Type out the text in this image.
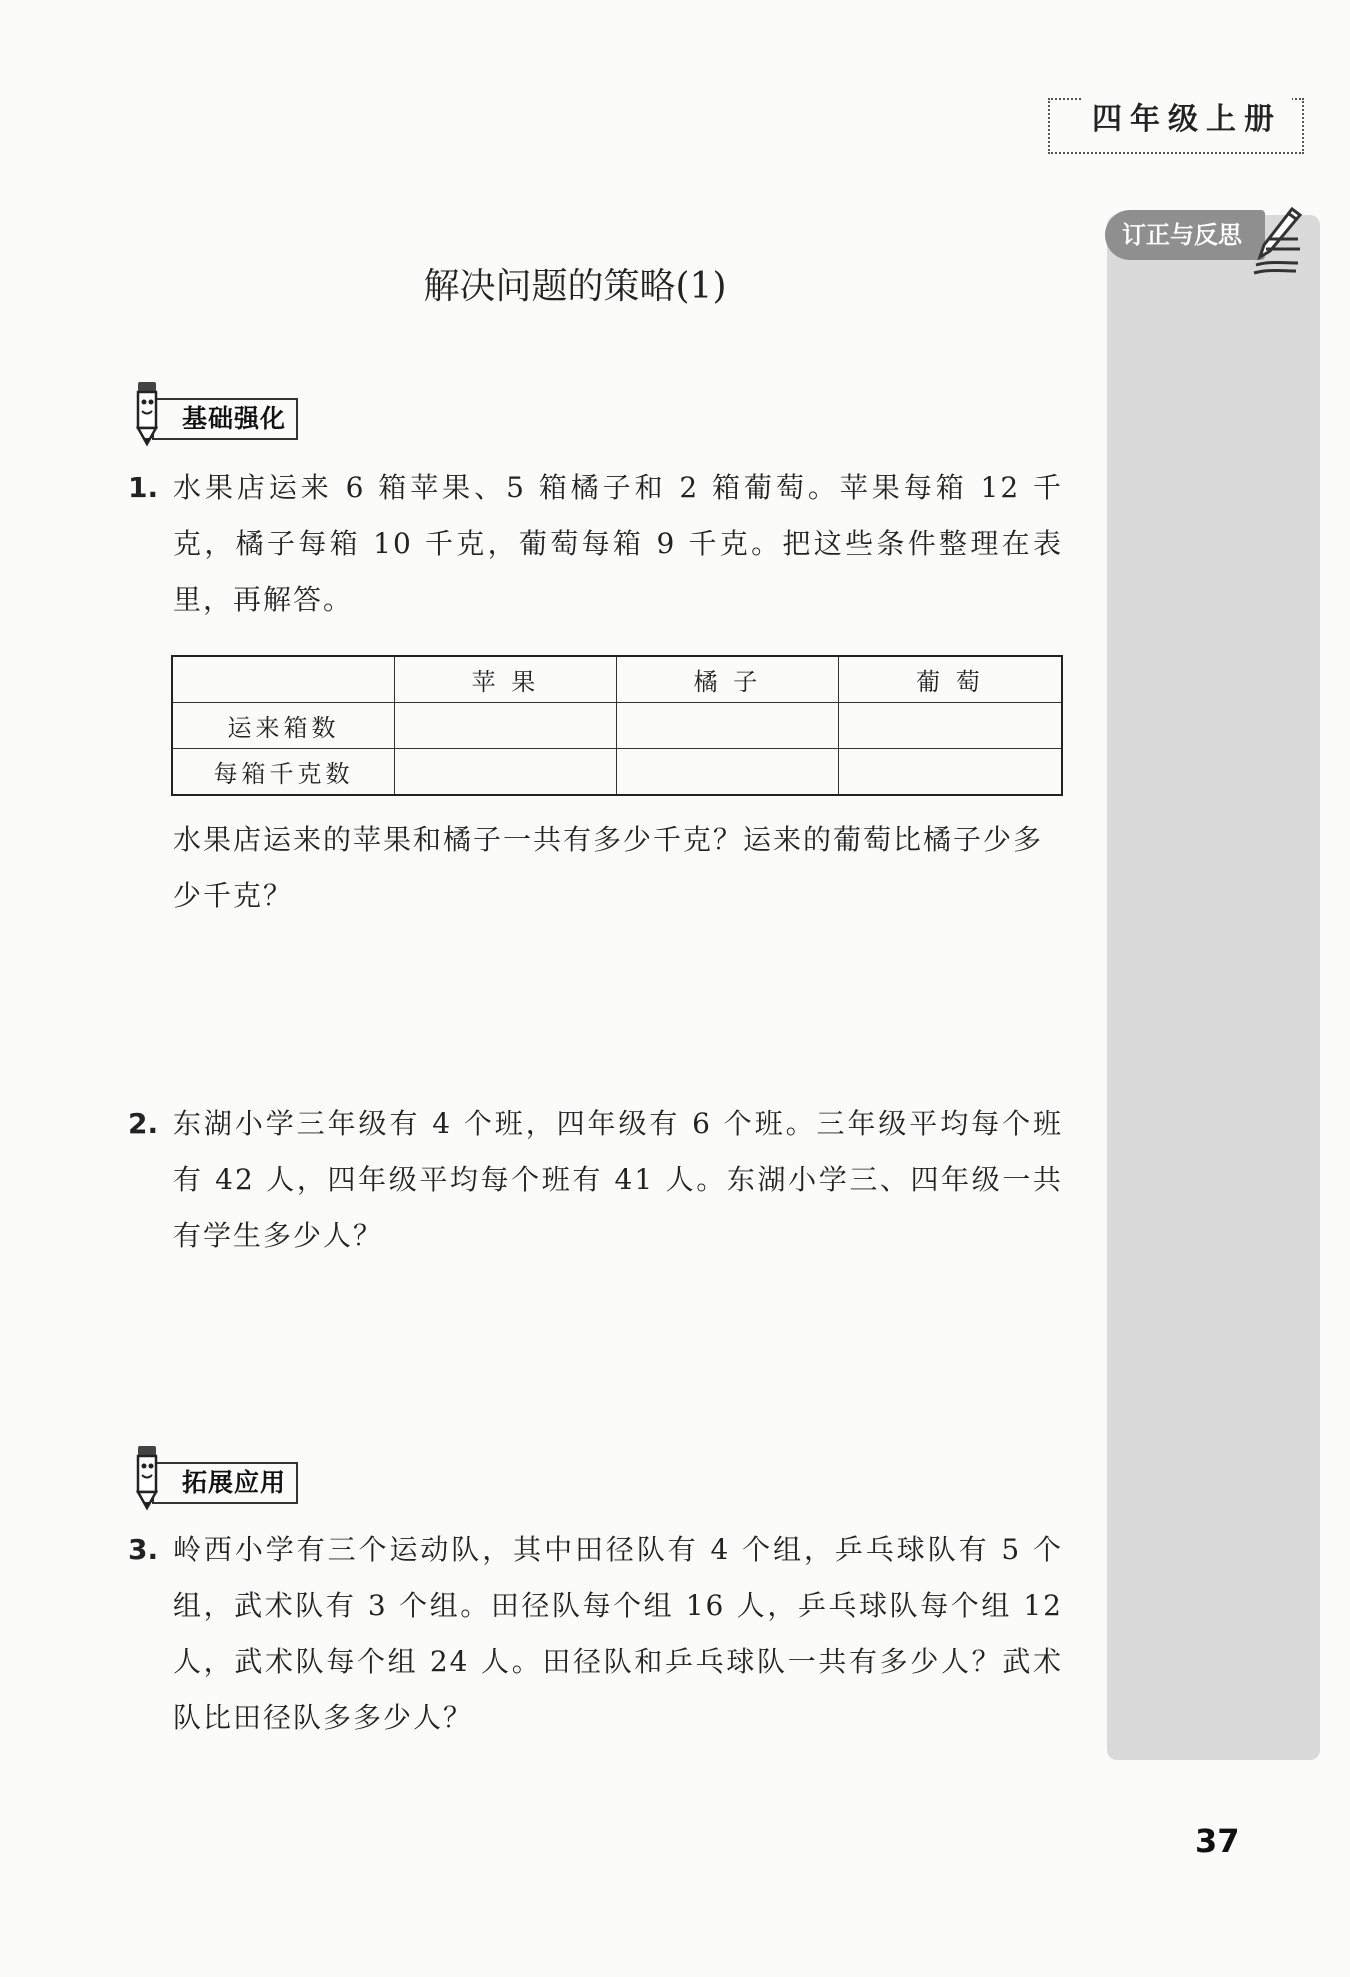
四年级上册
订正与反思
解决问题的策略(1)
基础强化
1. 水果店运来 6 箱苹果、5 箱橘子和 2 箱葡萄。苹果每箱 12 千克，橘子每箱 10 千克，葡萄每箱 9 千克。把这些条件整理在表里，再解答。
	苹 果	橘 子	葡 萄
运来箱数			
每箱千克数			
水果店运来的苹果和橘子一共有多少千克？运来的葡萄比橘子少多少千克？
2. 东湖小学三年级有 4 个班，四年级有 6 个班。三年级平均每个班有 42 人，四年级平均每个班有 41 人。东湖小学三、四年级一共有学生多少人？
拓展应用
3. 岭西小学有三个运动队，其中田径队有 4 个组，乒乓球队有 5 个组，武术队有 3 个组。田径队每个组 16 人，乒乓球队每个组 12 人，武术队每个组 24 人。田径队和乒乓球队一共有多少人？武术队比田径队多多少人？
37
